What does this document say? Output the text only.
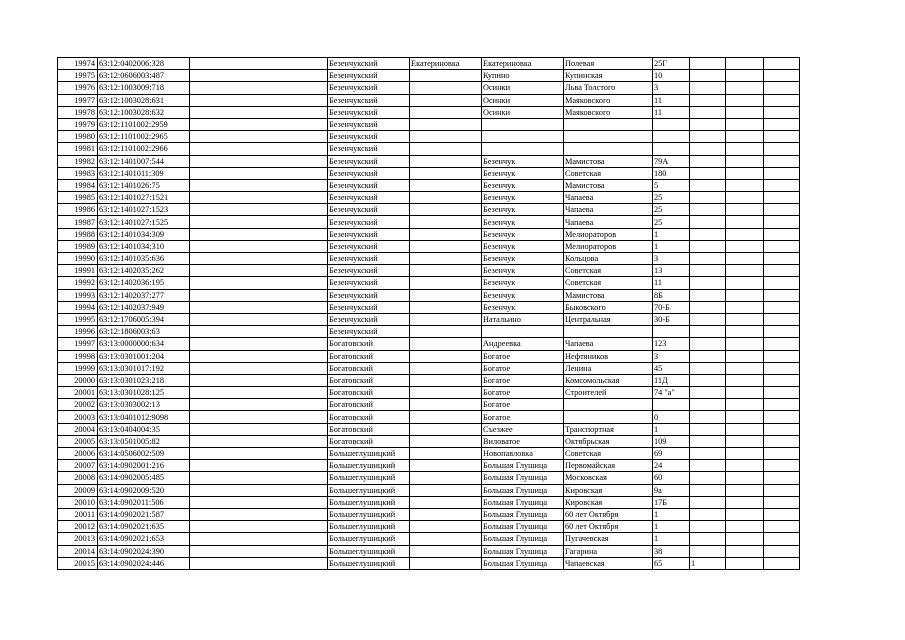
19974	63:12:0402006:328		Безенчукский	Екатериновка	Екатериновка	Полевая	25Г			
19975	63:12:0606003:487		Безенчукский		Купино	Купинская	10			
19976	63:12:1003009:718		Безенчукский		Осинки	Льва Толстого	3			
19977	63:12:1003028:631		Безенчукский		Осинки	Маяковского	11			
19978	63:12:1003028:632		Безенчукский		Осинки	Маяковского	11			
19979	63:12:1101002:2959		Безенчукский							
19980	63:12:1101002:2965		Безенчукский							
19981	63:12:1101002:2966		Безенчукский							
19982	63:12:1401007:544		Безенчукский		Безенчук	Мамистова	79А			
19983	63:12:1401011:309		Безенчукский		Безенчук	Советская	180			
19984	63:12:1401026:75		Безенчукский		Безенчук	Мамистова	5			
19985	63:12:1401027:1521		Безенчукский		Безенчук	Чапаева	25			
19986	63:12:1401027:1523		Безенчукский		Безенчук	Чапаева	25			
19987	63:12:1401027:1525		Безенчукский		Безенчук	Чапаева	25			
19988	63:12:1401034:309		Безенчукский		Безенчук	Мелиораторов	1			
19989	63:12:1401034:310		Безенчукский		Безенчук	Мелиораторов	1			
19990	63:12:1401035:636		Безенчукский		Безенчук	Кольцова	3			
19991	63:12:1402035:262		Безенчукский		Безенчук	Советская	13			
19992	63:12:1402036:195		Безенчукский		Безенчук	Советская	11			
19993	63:12:1402037:277		Безенчукский		Безенчук	Мамистова	8Б			
19994	63:12:1402037:949		Безенчукский		Безенчук	Быковского	70-Б			
19995	63:12:1706005:394		Безенчукский		Натальино	Центральная	30-Б			
19996	63:12:1806003:63		Безенчукский							
19997	63:13:0000000:634		Богатовский		Андреевка	Чапаева	123			
19998	63:13:0301001:204		Богатовский		Богатое	Нефтяников	3			
19999	63:13:0301017:192		Богатовский		Богатое	Ленина	45			
20000	63:13:0301023:218		Богатовский		Богатое	Комсомольская	11Д			
20001	63:13:0301028:125		Богатовский		Богатое	Строителей	74 "а"			
20002	63:13:0303002:13		Богатовский		Богатое					
20003	63:13:0401012:9098		Богатовский		Богатое		0			
20004	63:13:0404004:35		Богатовский		Съезжее	Транспортная	1			
20005	63:13:0501005:82		Богатовский		Виловатое	Октябрьская	109			
20006	63:14:0506002:509		Большеглушицкий		Новопавловка	Советская	69			
20007	63:14:0902001:216		Большеглушицкий		Большая Глушица	Первомайская	24			
20008	63:14:0902005:485		Большеглушицкий		Большая Глушица	Московская	60			
20009	63:14:0902009:520		Большеглушицкий		Большая Глушица	Кировская	9а			
20010	63:14:0902011:506		Большеглушицкий		Большая Глушица	Кировская	17Б			
20011	63:14:0902021:587		Большеглушицкий		Большая Глушица	60 лет Октября	1			
20012	63:14:0902021:635		Большеглушицкий		Большая Глушица	60 лет Октября	1			
20013	63:14:0902021:653		Большеглушицкий		Большая Глушица	Пугачевская	1			
20014	63:14:0902024:390		Большеглушицкий		Большая Глушица	Гагарина	38			
20015	63:14:0902024:446		Большеглушицкий		Большая Глушица	Чапаевская	65	1		
